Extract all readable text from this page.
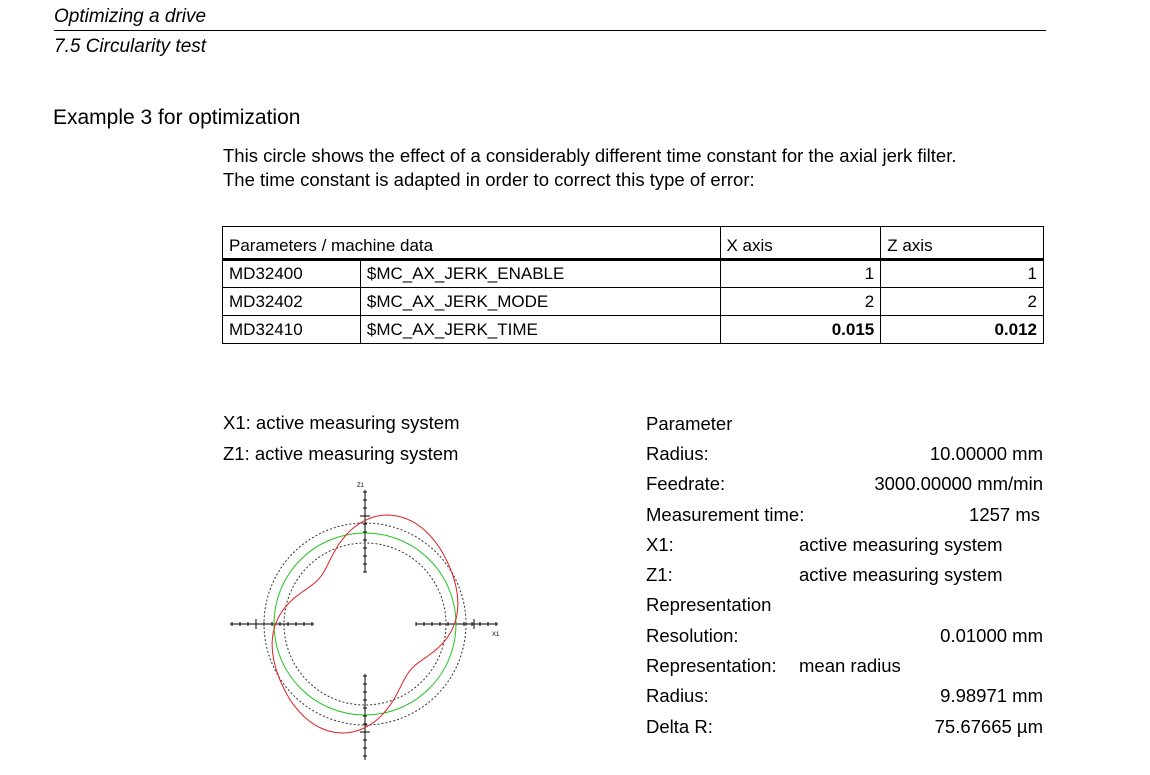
Optimizing a drive
7.5 Circularity test
Example 3 for optimization
This circle shows the effect of a considerably different time constant for the axial jerk filter.
The time constant is adapted in order to correct this type of error:
Parameters / machine data		X axis	Z axis
MD32400	$MC_AX_JERK_ENABLE	1	1
MD32402	$MC_AX_JERK_MODE	2	2
MD32410	$MC_AX_JERK_TIME	0.015	0.012
X1: active measuring system
Z1: active measuring system
Z1
X1
Parameter
Radius:	10.00000 mm
Feedrate:	3000.00000 mm/min
Measurement time:	1257 ms
X1:	active measuring system
Z1:	active measuring system
Representation
Resolution:	0.01000 mm
Representation: mean radius
Radius:	9.98971 mm
Delta R:	75.67665 µm
